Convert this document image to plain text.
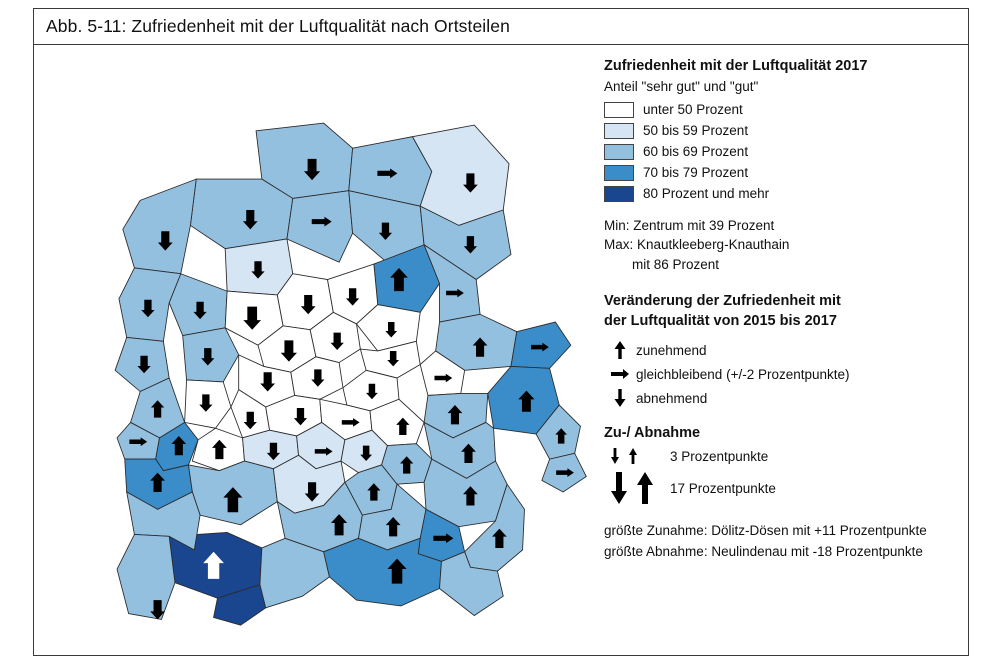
Abb. 5-11: Zufriedenheit mit der Luftqualität nach Ortsteilen
Zufriedenheit mit der Luftqualität 2017
Anteil "sehr gut" und "gut"
unter 50 Prozent
50 bis 59 Prozent
60 bis 69 Prozent
70 bis 79 Prozent
80 Prozent und mehr
Min: Zentrum mit 39 Prozent
Max: Knautkleeberg-Knauthain
mit 86 Prozent
Veränderung der Zufriedenheit mit
der Luftqualität von 2015 bis 2017
zunehmend
gleichbleibend (+/-2 Prozentpunkte)
abnehmend
Zu-/ Abnahme
3 Prozentpunkte
17 Prozentpunkte
größte Zunahme: Dölitz-Dösen mit +11 Prozentpunkte
größte Abnahme: Neulindenau mit -18 Prozentpunkte
